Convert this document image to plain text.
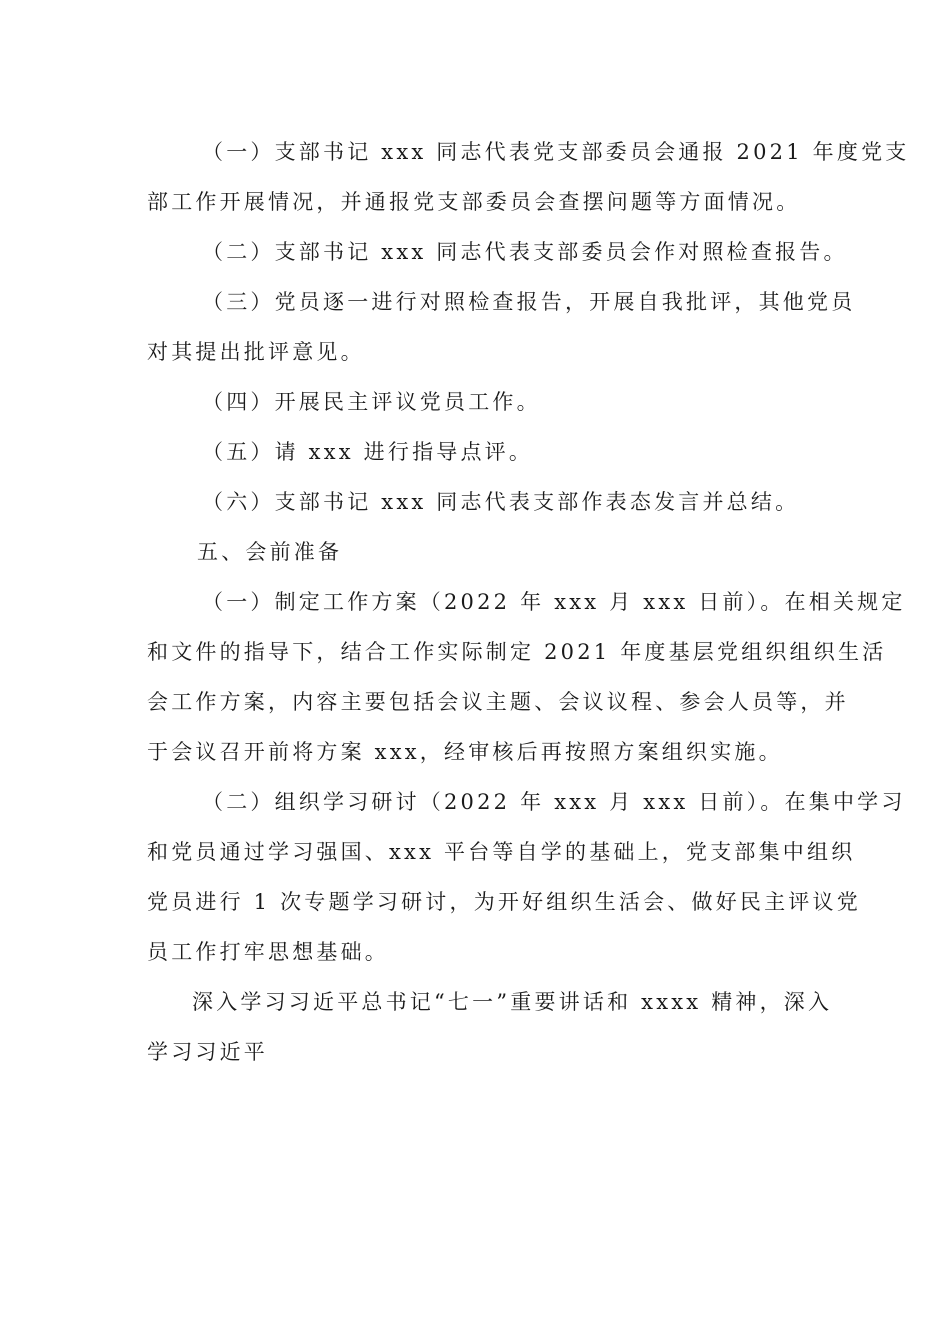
（一）支部书记 xxx 同志代表党支部委员会通报 2021 年度党支
部工作开展情况，并通报党支部委员会查摆问题等方面情况。
（二）支部书记 xxx 同志代表支部委员会作对照检查报告。
（三）党员逐一进行对照检查报告，开展自我批评，其他党员
对其提出批评意见。
（四）开展民主评议党员工作。
（五）请 xxx 进行指导点评。
（六）支部书记 xxx 同志代表支部作表态发言并总结。
五、会前准备
（一）制定工作方案（2022 年 xxx 月 xxx 日前）。在相关规定
和文件的指导下，结合工作实际制定 2021 年度基层党组织组织生活
会工作方案，内容主要包括会议主题、会议议程、参会人员等，并
于会议召开前将方案 xxx，经审核后再按照方案组织实施。
（二）组织学习研讨（2022 年 xxx 月 xxx 日前）。在集中学习
和党员通过学习强国、xxx 平台等自学的基础上，党支部集中组织
党员进行 1 次专题学习研讨，为开好组织生活会、做好民主评议党
员工作打牢思想基础。
深入学习习近平总书记“七一”重要讲话和 xxxx 精神，深入
学习习近平
